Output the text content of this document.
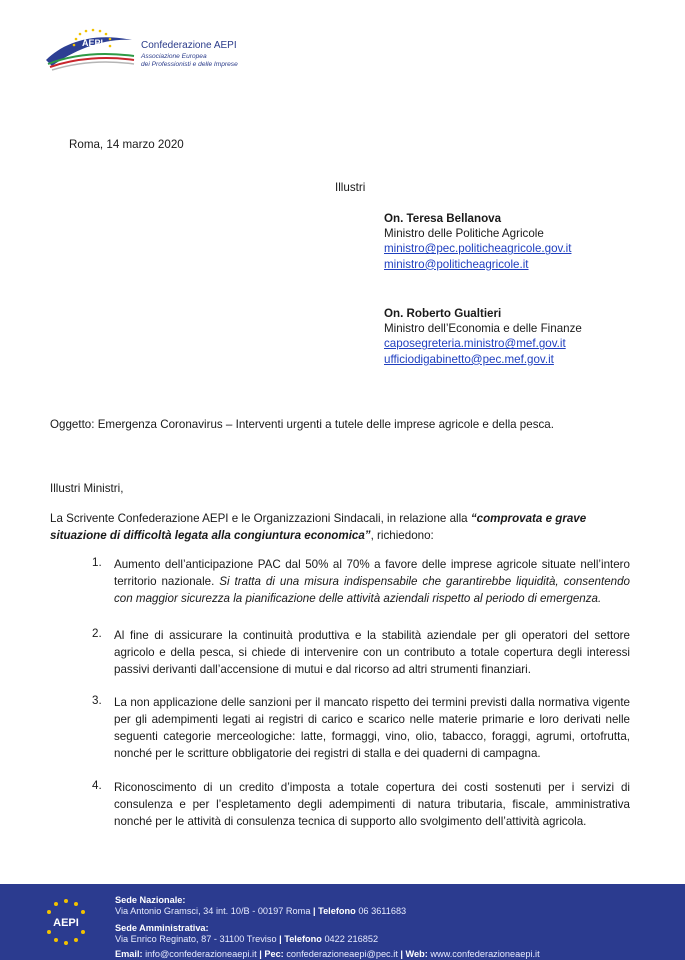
AEPI	Confederazione AEPI
Associazione Europea
dei Professionisti e delle Imprese
Roma, 14 marzo 2020
Illustri
On. Teresa Bellanova
Ministro delle Politiche Agricole
ministro@pec.politicheagricole.gov.it
ministro@politicheagricole.it
On. Roberto Gualtieri
Ministro dell’Economia e delle Finanze
caposegreteria.ministro@mef.gov.it
ufficiodigabinetto@pec.mef.gov.it
Oggetto: Emergenza Coronavirus – Interventi urgenti a tutele delle imprese agricole e della pesca.
Illustri Ministri,
La Scrivente Confederazione AEPI e le Organizzazioni Sindacali, in relazione alla “comprovata e grave situazione di difficoltà legata alla congiuntura economica”, richiedono:
1.	Aumento dell’anticipazione PAC dal 50% al 70% a favore delle imprese agricole situate nell’intero territorio nazionale. Si tratta di una misura indispensabile che garantirebbe liquidità, consentendo con maggior sicurezza la pianificazione delle attività aziendali rispetto al periodo di emergenza.
2.	Al fine di assicurare la continuità produttiva e la stabilità aziendale per gli operatori del settore agricolo e della pesca, si chiede di intervenire con un contributo a totale copertura degli interessi passivi derivanti dall’accensione di mutui e dal ricorso ad altri strumenti finanziari.
3.	La non applicazione delle sanzioni per il mancato rispetto dei termini previsti dalla normativa vigente per gli adempimenti legati ai registri di carico e scarico nelle materie primarie e loro derivati nelle seguenti categorie merceologiche: latte, formaggi, vino, olio, tabacco, foraggi, agrumi, ortofrutta, nonché per le scritture obbligatorie dei registri di stalla e dei quaderni di campagna.
4.	Riconoscimento di un credito d’imposta a totale copertura dei costi sostenuti per i servizi di consulenza e per l’espletamento degli adempimenti di natura tributaria, fiscale, amministrativa nonché per le attività di consulenza tecnica di supporto allo svolgimento dell’attività agricola.
AEPI
Sede Nazionale:
Via Antonio Gramsci, 34 int. 10/B - 00197 Roma | Telefono 06 3611683
Sede Amministrativa:
Via Enrico Reginato, 87 - 31100 Treviso | Telefono 0422 216852
Email: info@confederazioneaepi.it | Pec: confederazioneaepi@pec.it | Web: www.confederazioneaepi.it
